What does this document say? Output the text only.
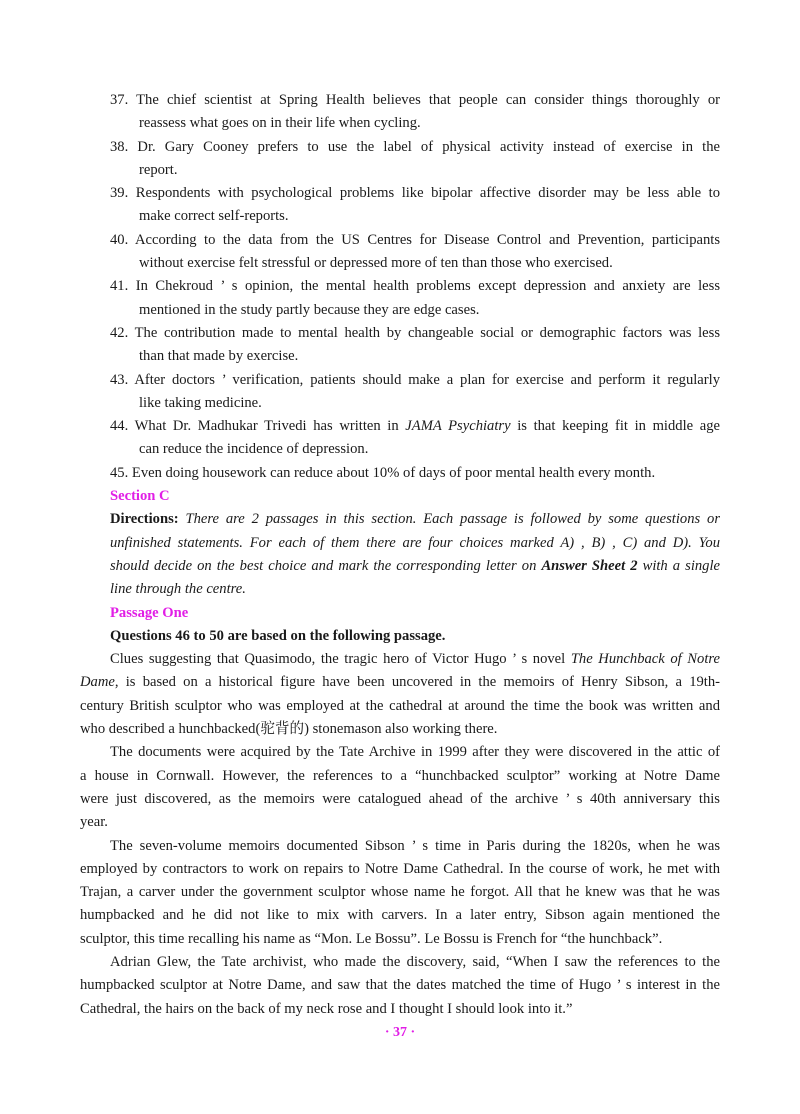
37. The chief scientist at Spring Health believes that people can consider things thoroughly or
reassess what goes on in their life when cycling.
38. Dr. Gary Cooney prefers to use the label of physical activity instead of exercise in the
report.
39. Respondents with psychological problems like bipolar affective disorder may be less able to
make correct self-reports.
40. According to the data from the US Centres for Disease Control and Prevention, participants
without exercise felt stressful or depressed more of ten than those who exercised.
41. In Chekroud ’ s opinion, the mental health problems except depression and anxiety are less
mentioned in the study partly because they are edge cases.
42. The contribution made to mental health by changeable social or demographic factors was less
than that made by exercise.
43. After doctors ’ verification, patients should make a plan for exercise and perform it regularly
like taking medicine.
44. What Dr. Madhukar Trivedi has written in JAMA Psychiatry is that keeping fit in middle age
can reduce the incidence of depression.
45. Even doing housework can reduce about 10% of days of poor mental health every month.
Section C
Directions: There are 2 passages in this section. Each passage is followed by some questions or
unfinished statements. For each of them there are four choices marked A) , B) , C) and D). You
should decide on the best choice and mark the corresponding letter on Answer Sheet 2 with a single
line through the centre.
Passage One
Questions 46 to 50 are based on the following passage.
Clues suggesting that Quasimodo, the tragic hero of Victor Hugo ’ s novel The Hunchback of Notre
Dame, is based on a historical figure have been uncovered in the memoirs of Henry Sibson, a 19th-
century British sculptor who was employed at the cathedral at around the time the book was written and
who described a hunchbacked(驼背的) stonemason also working there.
The documents were acquired by the Tate Archive in 1999 after they were discovered in the attic of
a house in Cornwall. However, the references to a “hunchbacked sculptor” working at Notre Dame
were just discovered, as the memoirs were catalogued ahead of the archive ’ s 40th anniversary this
year.
The seven-volume memoirs documented Sibson ’ s time in Paris during the 1820s, when he was
employed by contractors to work on repairs to Notre Dame Cathedral. In the course of work, he met with
Trajan, a carver under the government sculptor whose name he forgot. All that he knew was that he was
humpbacked and he did not like to mix with carvers. In a later entry, Sibson again mentioned the
sculptor, this time recalling his name as “Mon. Le Bossu”. Le Bossu is French for “the hunchback”.
Adrian Glew, the Tate archivist, who made the discovery, said, “When I saw the references to the
humpbacked sculptor at Notre Dame, and saw that the dates matched the time of Hugo ’ s interest in the
Cathedral, the hairs on the back of my neck rose and I thought I should look into it.”
· 37 ·
